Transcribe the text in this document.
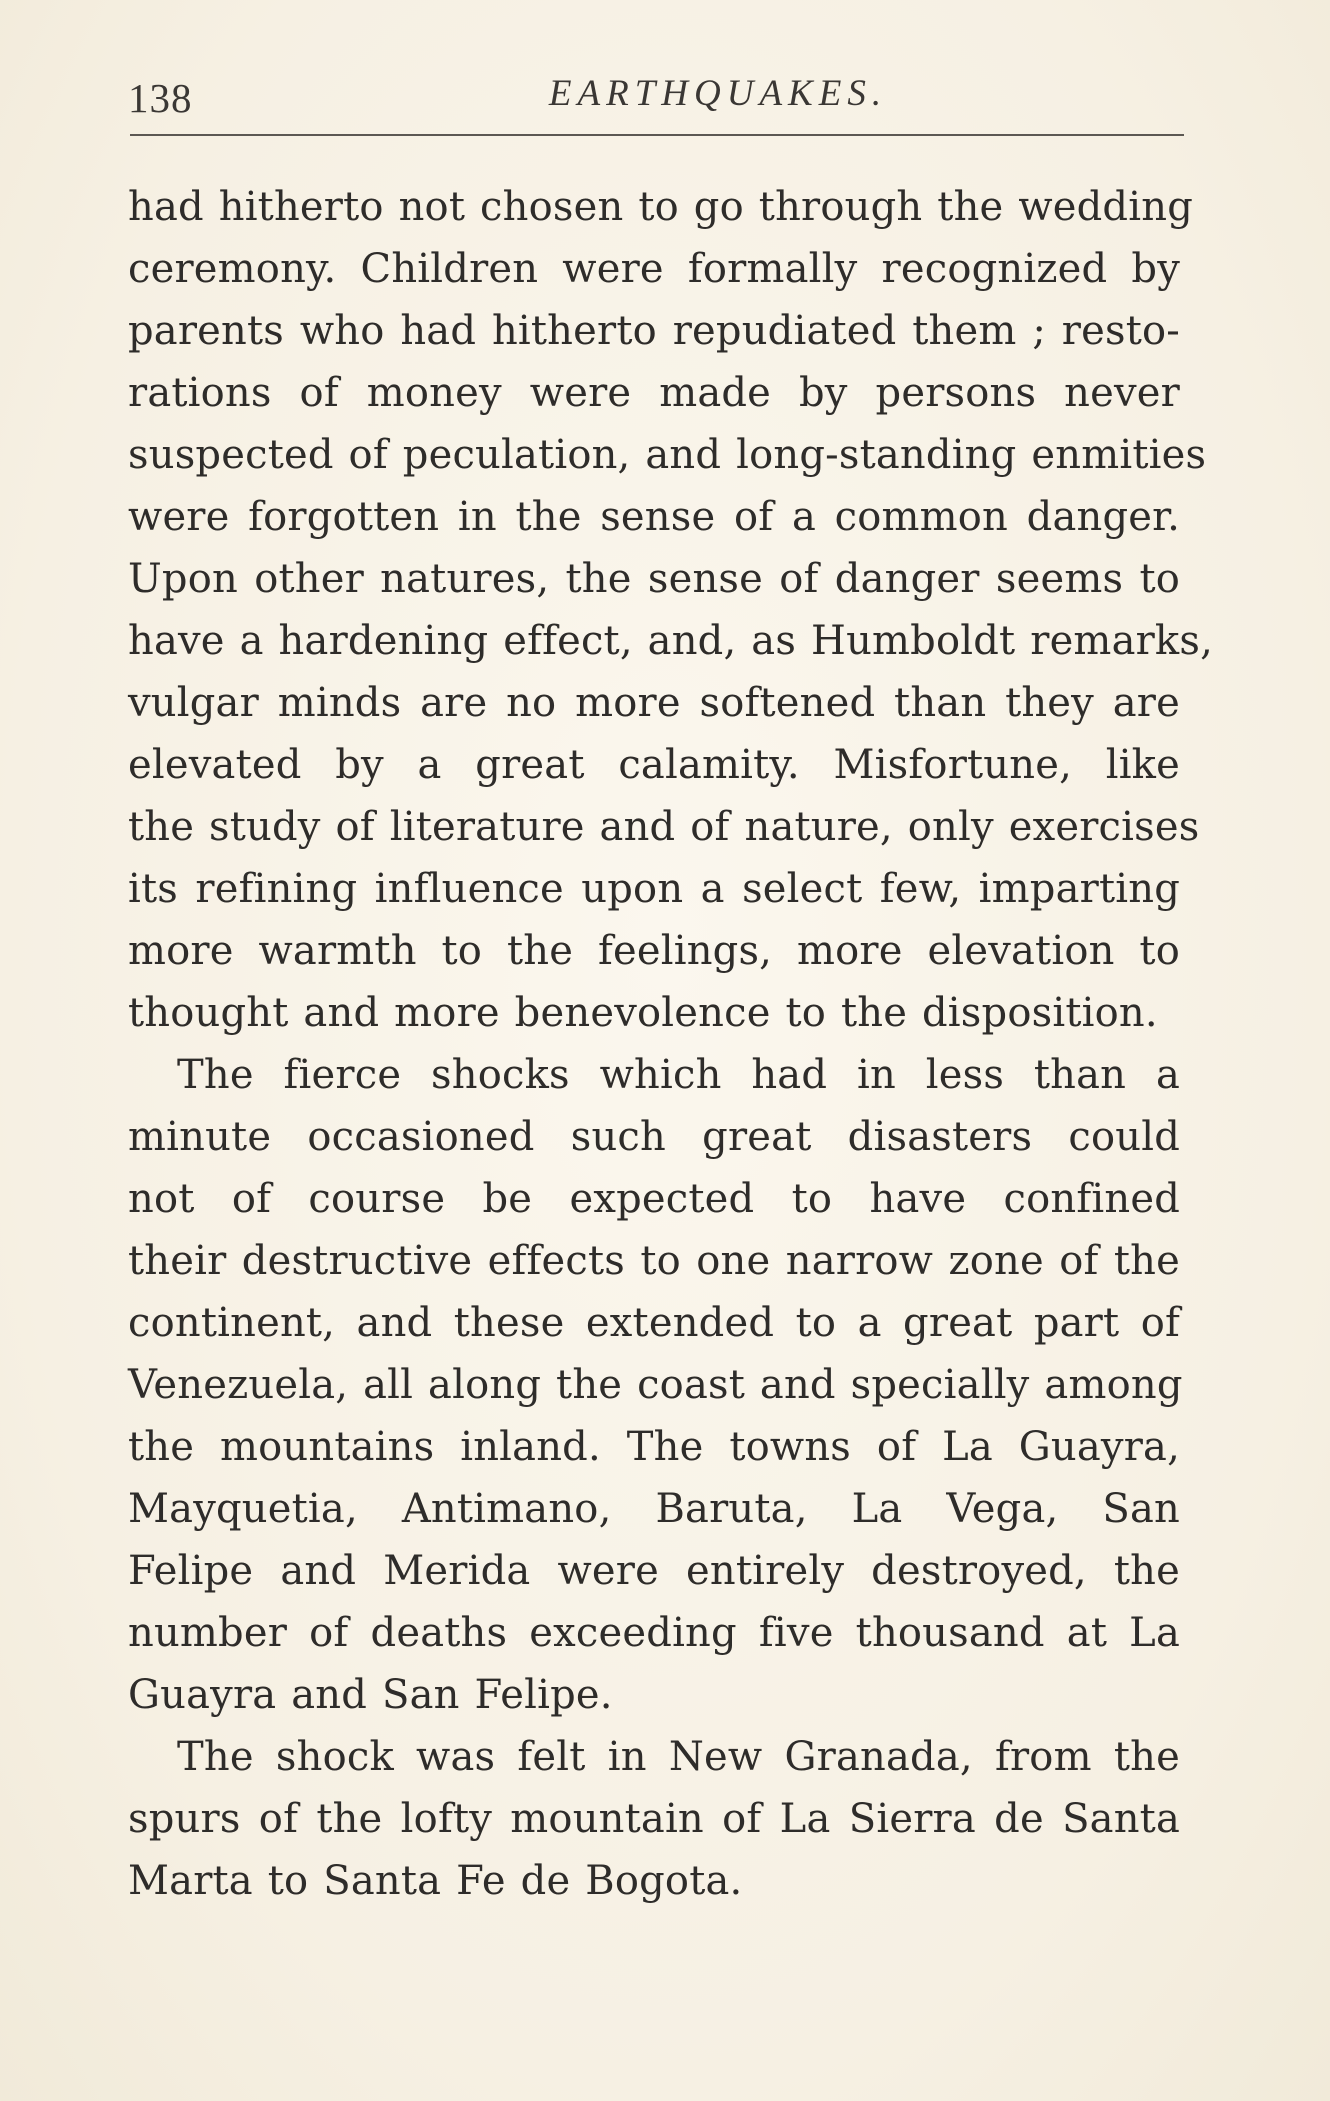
138	EARTHQUAKES.
had hitherto not chosen to go through the wedding
ceremony. Children were formally recognized by
parents who had hitherto repudiated them ; resto-
rations of money were made by persons never
suspected of peculation, and long-standing enmities
were forgotten in the sense of a common danger.
Upon other natures, the sense of danger seems to
have a hardening effect, and, as Humboldt remarks,
vulgar minds are no more softened than they are
elevated by a great calamity. Misfortune, like
the study of literature and of nature, only exercises
its refining influence upon a select few, imparting
more warmth to the feelings, more elevation to
thought and more benevolence to the disposition.
The fierce shocks which had in less than a
minute occasioned such great disasters could
not of course be expected to have confined
their destructive effects to one narrow zone of the
continent, and these extended to a great part of
Venezuela, all along the coast and specially among
the mountains inland. The towns of La Guayra,
Mayquetia, Antimano, Baruta, La Vega, San
Felipe and Merida were entirely destroyed, the
number of deaths exceeding five thousand at La
Guayra and San Felipe.
The shock was felt in New Granada, from the
spurs of the lofty mountain of La Sierra de Santa
Marta to Santa Fe de Bogota.
